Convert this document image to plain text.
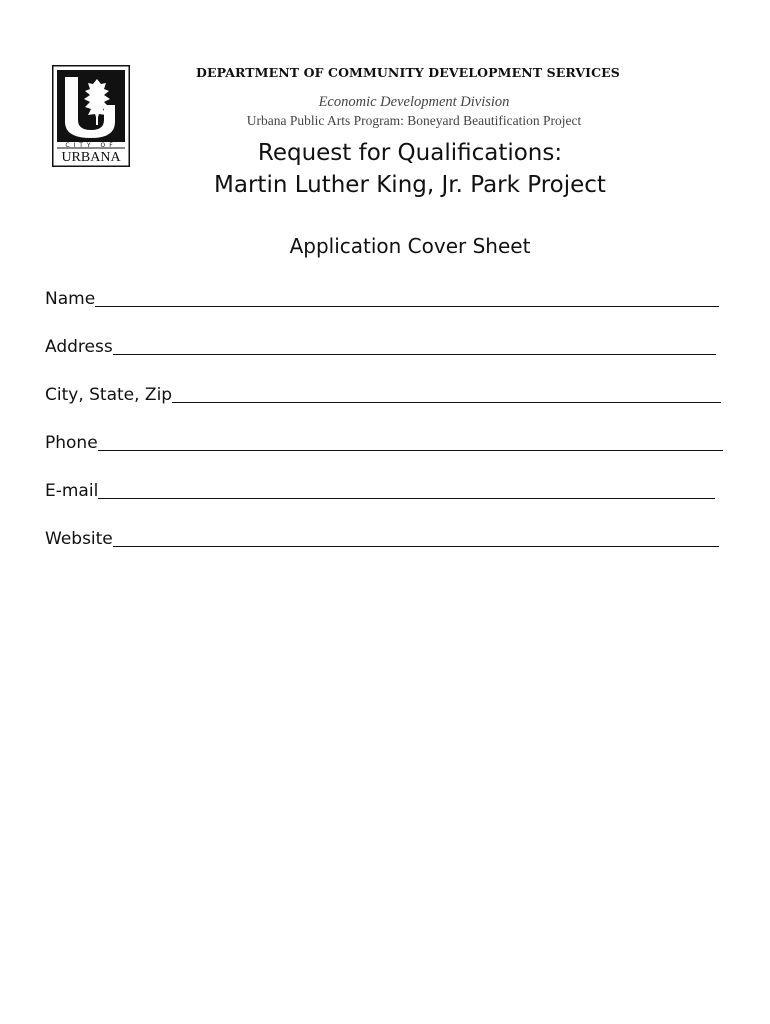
CITY OF
URBANA
DEPARTMENT OF COMMUNITY DEVELOPMENT SERVICES
Economic Development Division
Urbana Public Arts Program: Boneyard Beautification Project
Request for Qualifications:
Martin Luther King, Jr. Park Project
Application Cover Sheet
Name
Address
City, State, Zip
Phone
E-mail
Website
